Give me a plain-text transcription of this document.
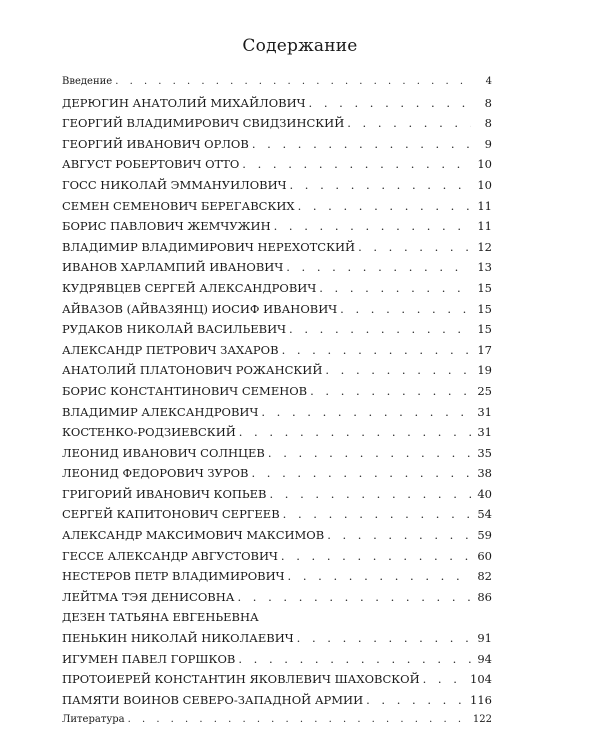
Содержание
Введение . . .	4
ДЕРЮГИН АНАТОЛИЙ МИХАЙЛОВИЧ . . .	8
ГЕОРГИЙ ВЛАДИМИРОВИЧ СВИДЗИНСКИЙ . . .	8
ГЕОРГИЙ ИВАНОВИЧ ОРЛОВ . . .	9
АВГУСТ РОБЕРТОВИЧ ОТТО . . .	10
ГОСС НИКОЛАЙ ЭММАНУИЛОВИЧ . . .	10
СЕМЕН СЕМЕНОВИЧ БЕРЕГАВСКИХ . . .	11
БОРИС ПАВЛОВИЧ ЖЕМЧУЖИН . . .	11
ВЛАДИМИР ВЛАДИМИРОВИЧ НЕРЕХОТСКИЙ . . .	12
ИВАНОВ ХАРЛАМПИЙ ИВАНОВИЧ . . .	13
КУДРЯВЦЕВ СЕРГЕЙ АЛЕКСАНДРОВИЧ . . .	15
АЙВАЗОВ (АЙВАЗЯНЦ) ИОСИФ ИВАНОВИЧ . . .	15
РУДАКОВ НИКОЛАЙ ВАСИЛЬЕВИЧ . . .	15
АЛЕКСАНДР ПЕТРОВИЧ ЗАХАРОВ . . .	17
АНАТОЛИЙ ПЛАТОНОВИЧ РОЖАНСКИЙ . . .	19
БОРИС КОНСТАНТИНОВИЧ СЕМЕНОВ . . .	25
ВЛАДИМИР АЛЕКСАНДРОВИЧ . . .	31
КОСТЕНКО-РОДЗИЕВСКИЙ . . .	31
ЛЕОНИД ИВАНОВИЧ СОЛНЦЕВ . . .	35
ЛЕОНИД ФЕДОРОВИЧ ЗУРОВ . . .	38
ГРИГОРИЙ ИВАНОВИЧ КОПЬЕВ . . .	40
СЕРГЕЙ КАПИТОНОВИЧ СЕРГЕЕВ . . .	54
АЛЕКСАНДР МАКСИМОВИЧ МАКСИМОВ . . .	59
ГЕССЕ АЛЕКСАНДР АВГУСТОВИЧ . . .	60
НЕСТЕРОВ ПЕТР ВЛАДИМИРОВИЧ . . .	82
ЛЕЙТМА ТЭЯ ДЕНИСОВНА . . .	86
ДЕЗЕН ТАТЬЯНА ЕВГЕНЬЕВНА
ПЕНЬКИН НИКОЛАЙ НИКОЛАЕВИЧ . . .	91
ИГУМЕН ПАВЕЛ ГОРШКОВ . . .	94
ПРОТОИЕРЕЙ КОНСТАНТИН ЯКОВЛЕВИЧ ШАХОВСКОЙ . . .	104
ПАМЯТИ ВОИНОВ СЕВЕРО-ЗАПАДНОЙ АРМИИ . . .	116
Литература . . .	122
